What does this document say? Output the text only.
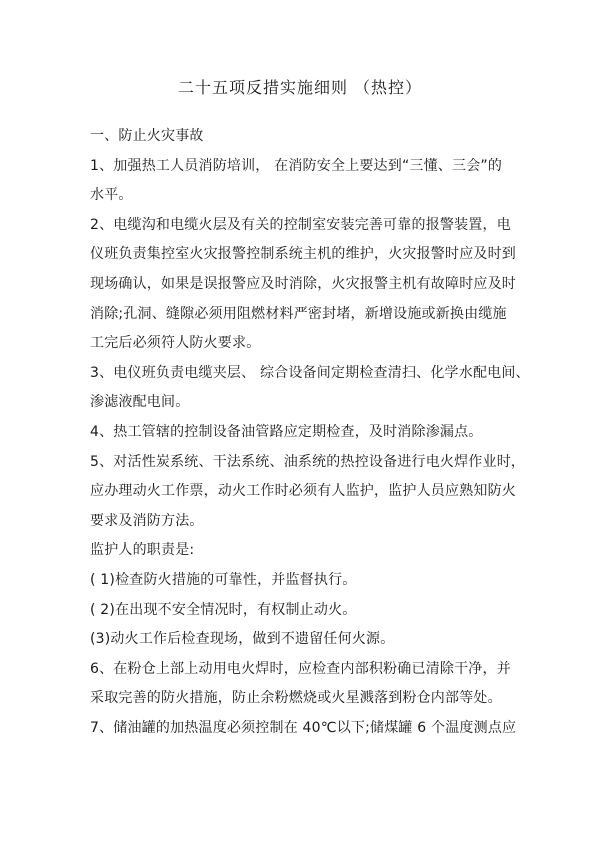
二十五项反措实施细则 （热控）
一、防止火灾事故
1、加强热工人员消防培训， 在消防安全上要达到“三懂、三会”的
水平。
2、电缆沟和电缆火层及有关的控制室安装完善可靠的报警装置，电
仪班负责集控室火灾报警控制系统主机的维护，火灾报警时应及时到
现场确认，如果是误报警应及时消除，火灾报警主机有故障时应及时
消除;孔洞、缝隙必须用阻燃材料严密封堵，新增设施或新换由缆施
工完后必须符人防火要求。
3、电仪班负责电缆夹层、 综合设备间定期检查清扫、化学水配电间、
渗滤液配电间。
4、热工管辖的控制设备油管路应定期检查，及时消除渗漏点。
5、对活性炭系统、干法系统、油系统的热控设备进行电火焊作业时，
应办理动火工作票，动火工作时必须有人监护，监护人员应熟知防火
要求及消防方法。
监护人的职责是:
( 1)检查防火措施的可靠性，并监督执行。
( 2)在出现不安全情况时，有权制止动火。
(3)动火工作后检查现场，做到不遗留任何火源。
6、在粉仓上部上动用电火焊时，应检查内部积粉确已清除干净，并
采取完善的防火措施，防止余粉燃烧或火星溅落到粉仓内部等处。
7、储油罐的加热温度必须控制在 40℃以下;储煤罐 6 个温度测点应
